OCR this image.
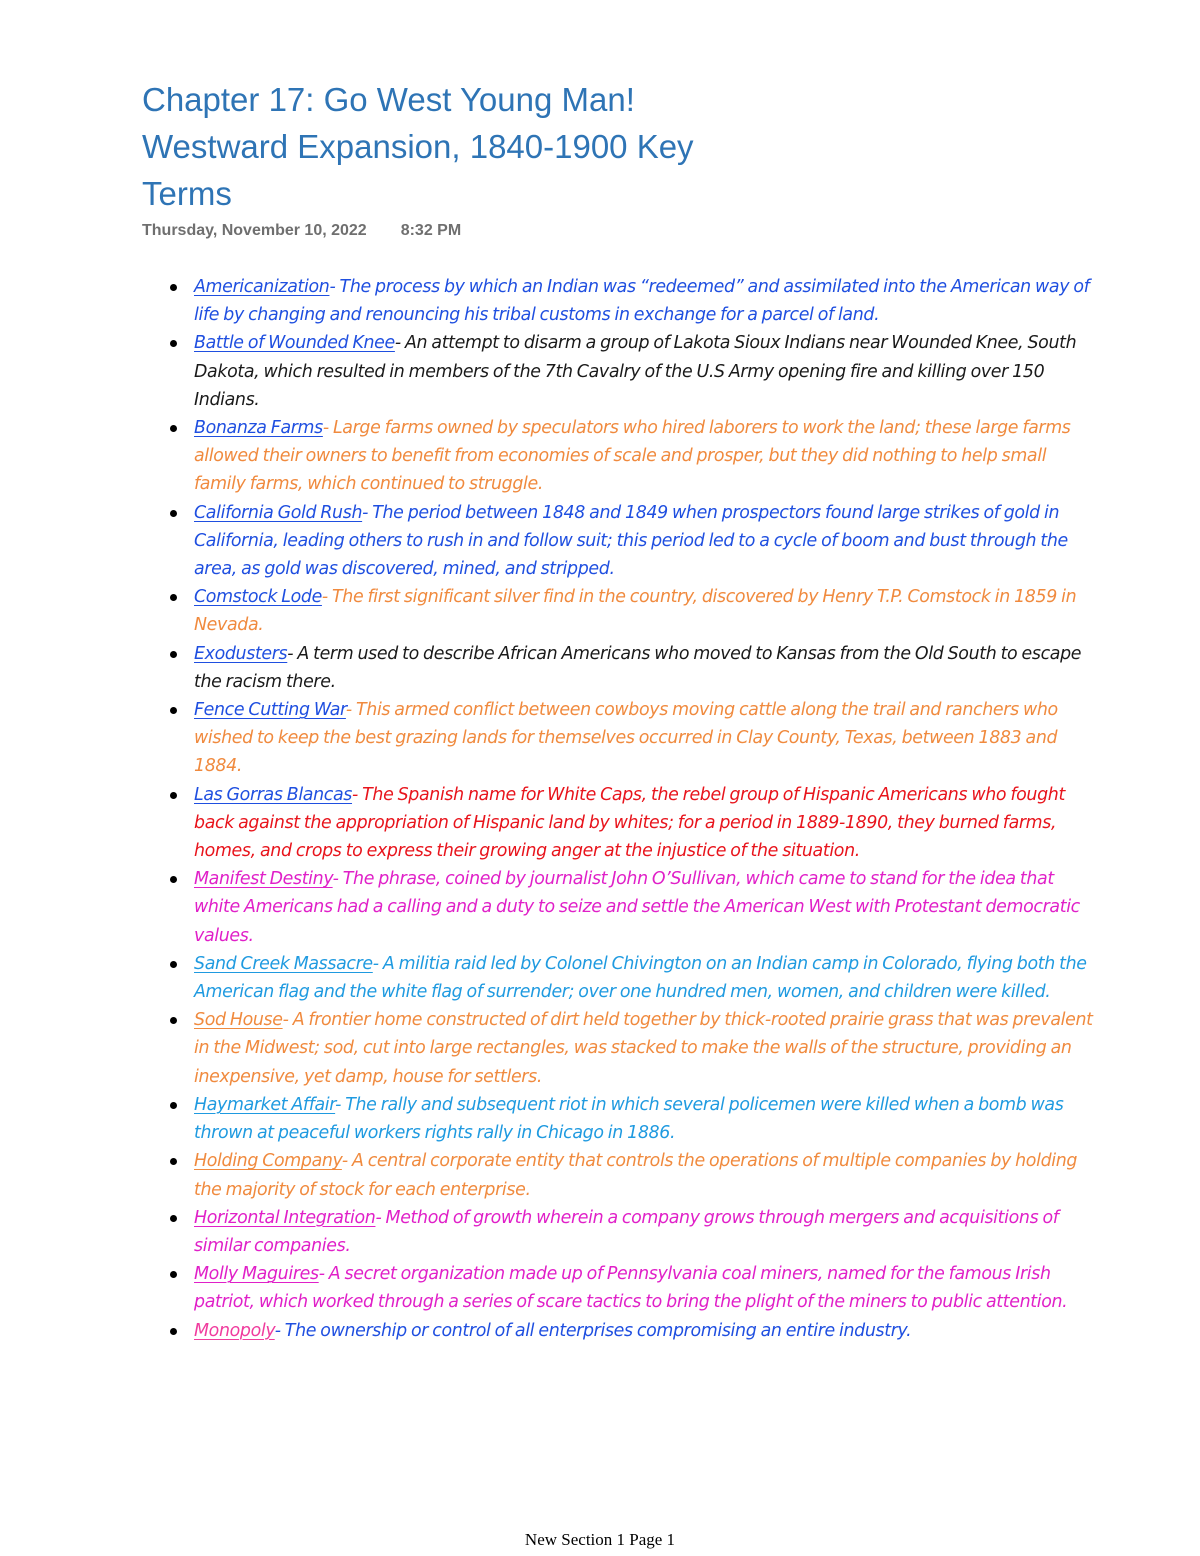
Chapter 17: Go West Young Man!
Westward Expansion, 1840-1900 Key
Terms
Thursday, November 10, 2022 8:32 PM
Americanization- The process by which an Indian was “redeemed” and assimilated into the American way of life by changing and renouncing his tribal customs in exchange for a parcel of land.
Battle of Wounded Knee- An attempt to disarm a group of Lakota Sioux Indians near Wounded Knee, South Dakota, which resulted in members of the 7th Cavalry of the U.S Army opening fire and killing over 150 Indians.
Bonanza Farms- Large farms owned by speculators who hired laborers to work the land; these large farms allowed their owners to benefit from economies of scale and prosper, but they did nothing to help small family farms, which continued to struggle.
California Gold Rush- The period between 1848 and 1849 when prospectors found large strikes of gold in California, leading others to rush in and follow suit; this period led to a cycle of boom and bust through the area, as gold was discovered, mined, and stripped.
Comstock Lode- The first significant silver find in the country, discovered by Henry T.P. Comstock in 1859 in Nevada.
Exodusters- A term used to describe African Americans who moved to Kansas from the Old South to escape the racism there.
Fence Cutting War- This armed conflict between cowboys moving cattle along the trail and ranchers who wished to keep the best grazing lands for themselves occurred in Clay County, Texas, between 1883 and 1884.
Las Gorras Blancas- The Spanish name for White Caps, the rebel group of Hispanic Americans who fought back against the appropriation of Hispanic land by whites; for a period in 1889-1890, they burned farms, homes, and crops to express their growing anger at the injustice of the situation.
Manifest Destiny- The phrase, coined by journalist John O’Sullivan, which came to stand for the idea that white Americans had a calling and a duty to seize and settle the American West with Protestant democratic values.
Sand Creek Massacre- A militia raid led by Colonel Chivington on an Indian camp in Colorado, flying both the American flag and the white flag of surrender; over one hundred men, women, and children were killed.
Sod House- A frontier home constructed of dirt held together by thick-rooted prairie grass that was prevalent in the Midwest; sod, cut into large rectangles, was stacked to make the walls of the structure, providing an inexpensive, yet damp, house for settlers.
Haymarket Affair- The rally and subsequent riot in which several policemen were killed when a bomb was thrown at peaceful workers rights rally in Chicago in 1886.
Holding Company- A central corporate entity that controls the operations of multiple companies by holding the majority of stock for each enterprise.
Horizontal Integration- Method of growth wherein a company grows through mergers and acquisitions of similar companies.
Molly Maguires- A secret organization made up of Pennsylvania coal miners, named for the famous Irish patriot, which worked through a series of scare tactics to bring the plight of the miners to public attention.
Monopoly- The ownership or control of all enterprises compromising an entire industry.
New Section 1 Page 1
